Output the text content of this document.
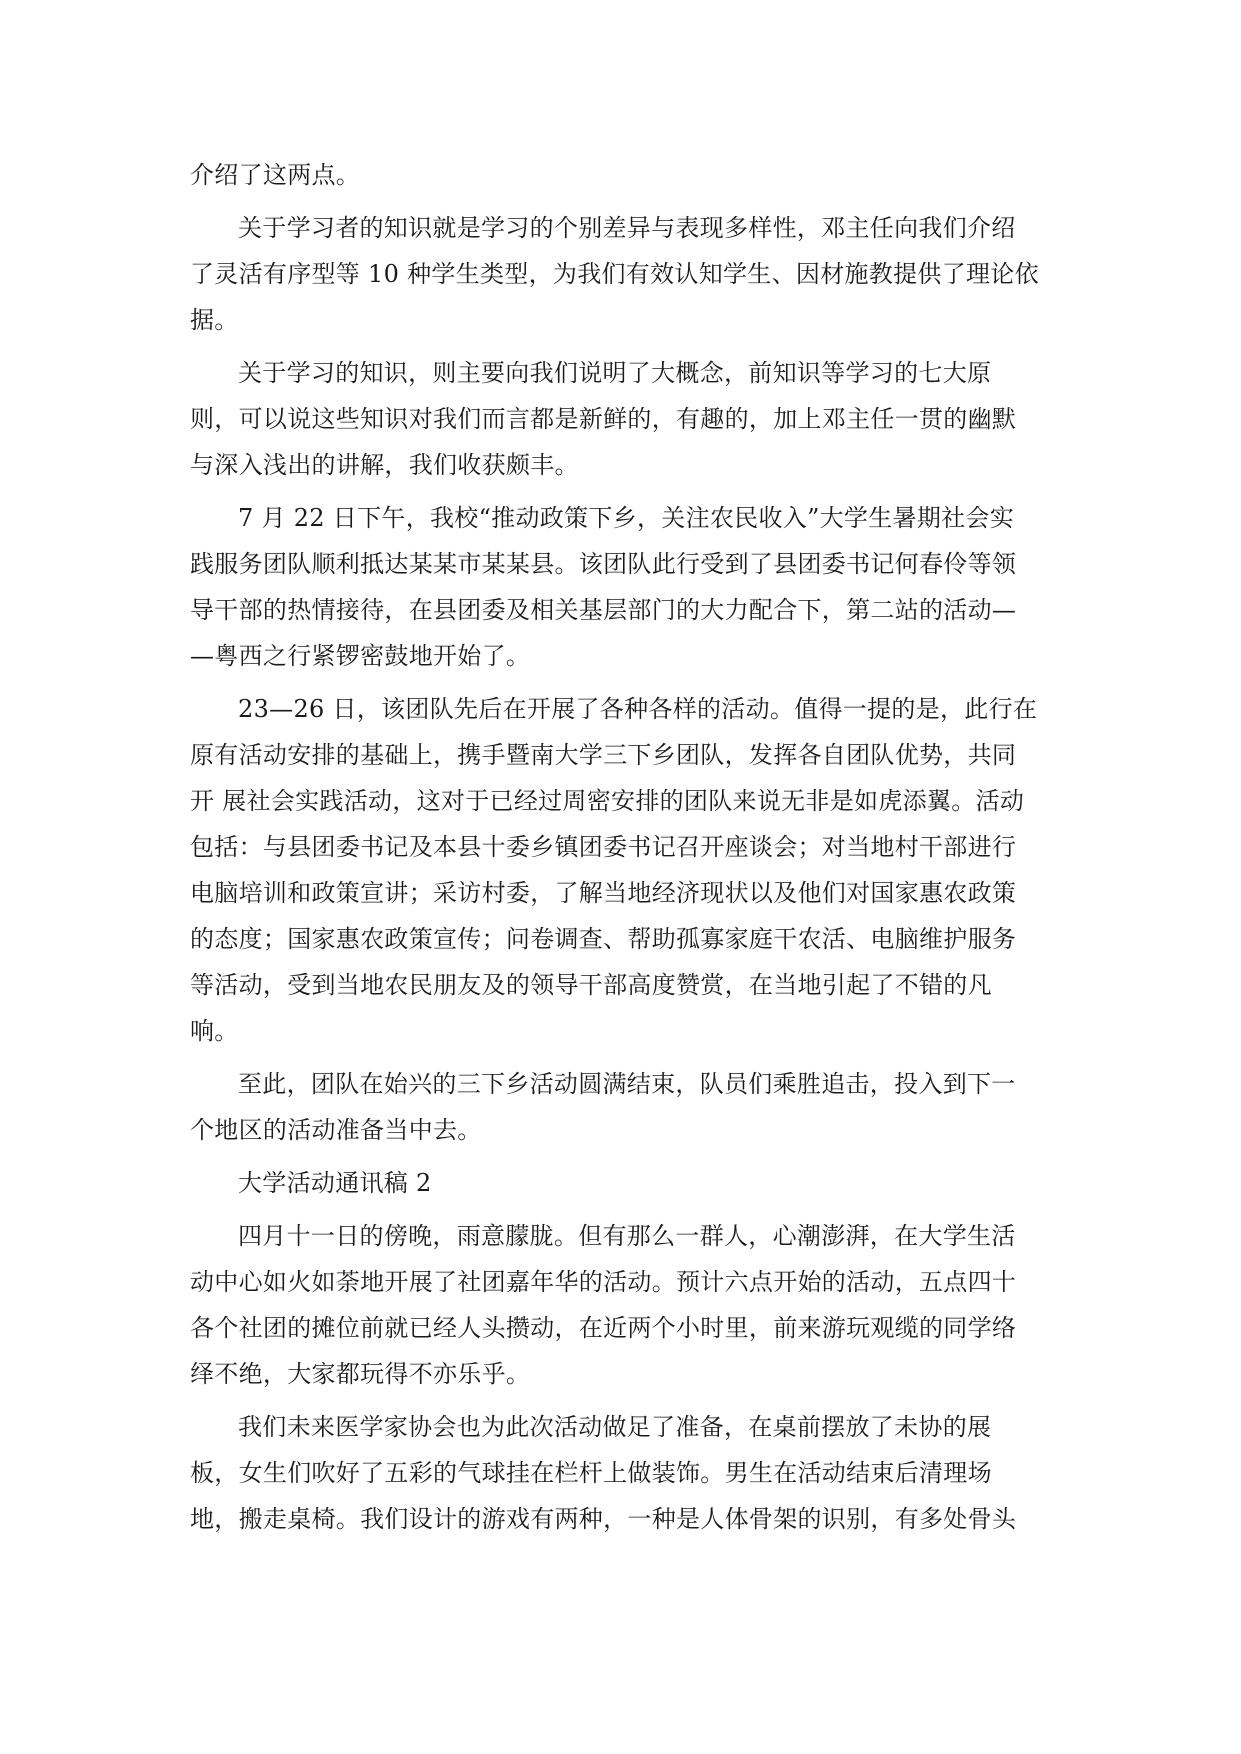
介绍了这两点。
关于学习者的知识就是学习的个别差异与表现多样性，邓主任向我们介绍
了灵活有序型等 10 种学生类型，为我们有效认知学生、因材施教提供了理论依
据。
关于学习的知识，则主要向我们说明了大概念，前知识等学习的七大原
则，可以说这些知识对我们而言都是新鲜的，有趣的，加上邓主任一贯的幽默
与深入浅出的讲解，我们收获颇丰。
7 月 22 日下午，我校“推动政策下乡，关注农民收入”大学生暑期社会实
践服务团队顺利抵达某某市某某县。该团队此行受到了县团委书记何春伶等领
导干部的热情接待，在县团委及相关基层部门的大力配合下，第二站的活动—
—粤西之行紧锣密鼓地开始了。
23—26 日，该团队先后在开展了各种各样的活动。值得一提的是，此行在
原有活动安排的基础上，携手暨南大学三下乡团队，发挥各自团队优势，共同
开 展社会实践活动，这对于已经过周密安排的团队来说无非是如虎添翼。活动
包括：与县团委书记及本县十委乡镇团委书记召开座谈会；对当地村干部进行
电脑培训和政策宣讲；采访村委，了解当地经济现状以及他们对国家惠农政策
的态度；国家惠农政策宣传；问卷调查、帮助孤寡家庭干农活、电脑维护服务
等活动，受到当地农民朋友及的领导干部高度赞赏，在当地引起了不错的凡
响。
至此，团队在始兴的三下乡活动圆满结束，队员们乘胜追击，投入到下一
个地区的活动准备当中去。
大学活动通讯稿 2
四月十一日的傍晚，雨意朦胧。但有那么一群人，心潮澎湃，在大学生活
动中心如火如荼地开展了社团嘉年华的活动。预计六点开始的活动，五点四十
各个社团的摊位前就已经人头攒动，在近两个小时里，前来游玩观缆的同学络
绎不绝，大家都玩得不亦乐乎。
我们未来医学家协会也为此次活动做足了准备，在桌前摆放了未协的展
板，女生们吹好了五彩的气球挂在栏杆上做装饰。男生在活动结束后清理场
地，搬走桌椅。我们设计的游戏有两种，一种是人体骨架的识别，有多处骨头
